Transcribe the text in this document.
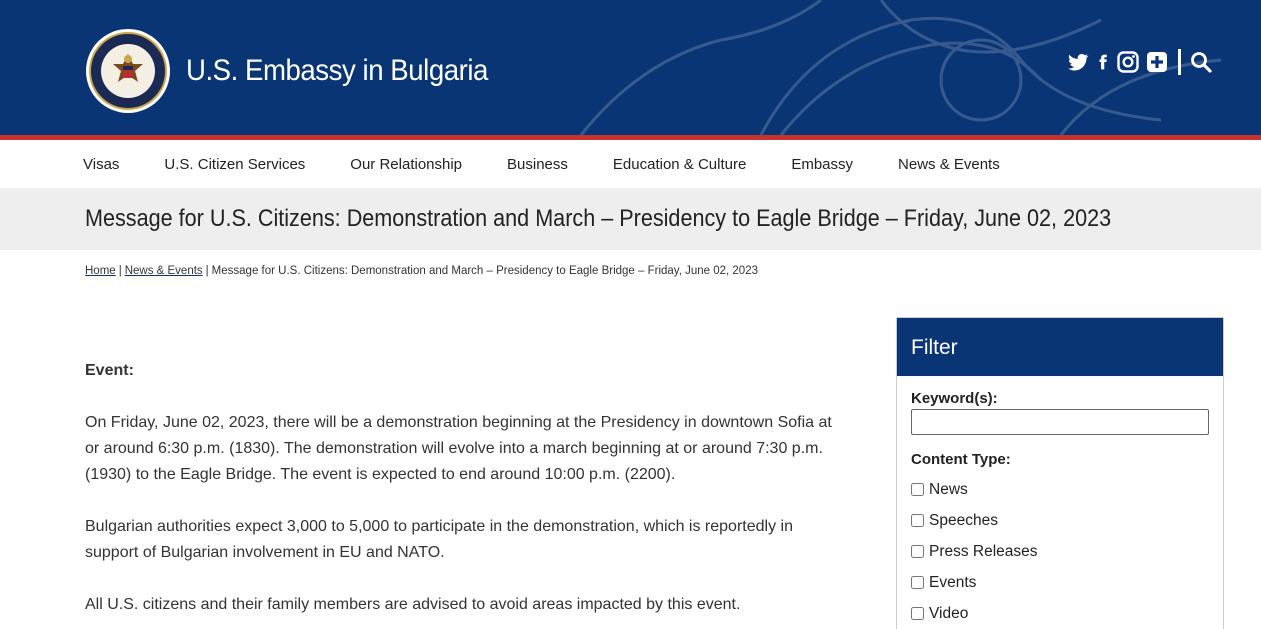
U.S. Embassy in Bulgaria
Visas	U.S. Citizen Services	Our Relationship	Business	Education & Culture	Embassy	News & Events
Message for U.S. Citizens: Demonstration and March – Presidency to Eagle Bridge – Friday, June 02, 2023
Home | News & Events | Message for U.S. Citizens: Demonstration and March – Presidency to Eagle Bridge – Friday, June 02, 2023
Event:

On Friday, June 02, 2023, there will be a demonstration beginning at the Presidency in downtown Sofia at or around 6:30 p.m. (1830). The demonstration will evolve into a march beginning at or around 7:30 p.m. (1930) to the Eagle Bridge. The event is expected to end around 10:00 p.m. (2200).

Bulgarian authorities expect 3,000 to 5,000 to participate in the demonstration, which is reportedly in support of Bulgarian involvement in EU and NATO.

All U.S. citizens and their family members are advised to avoid areas impacted by this event.

Filter
Keyword(s):
Content Type:
News
Speeches
Press Releases
Events
Video
